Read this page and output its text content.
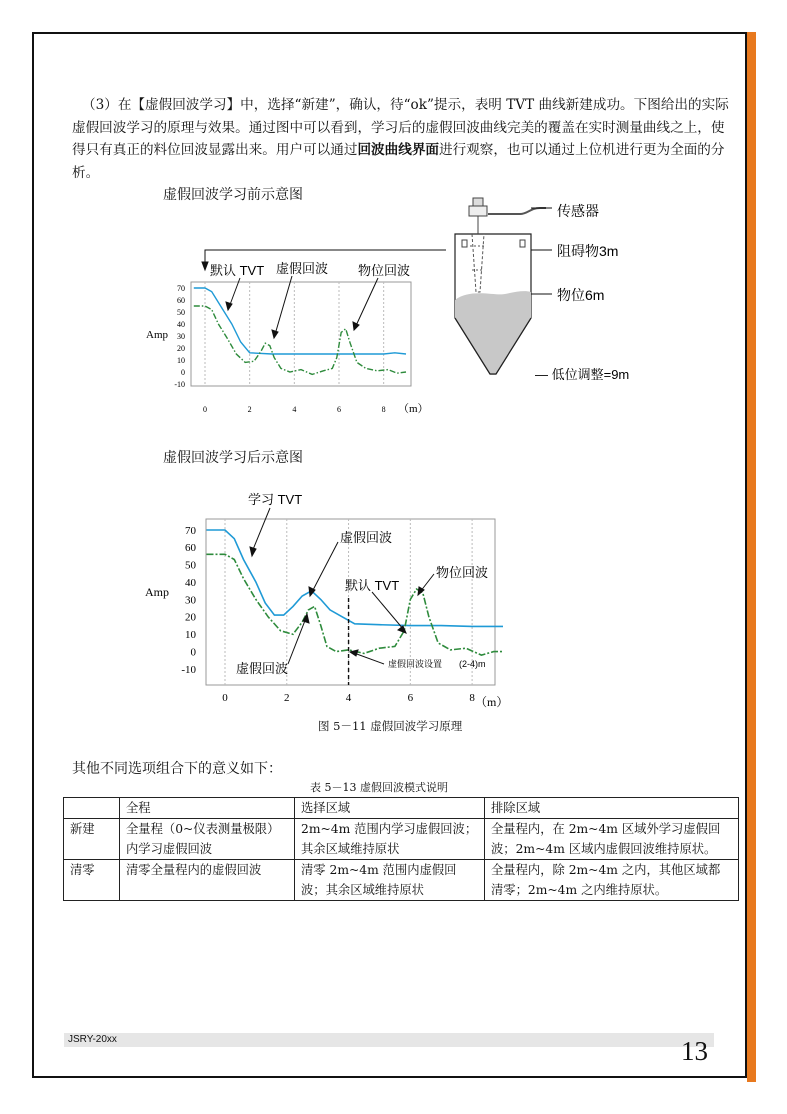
（3）在【虚假回波学习】中，选择“新建”，确认，待“ok”提示，表明 TVT 曲线新建成功。下图给出的实际虚假回波学习的原理与效果。通过图中可以看到，学习后的虚假回波曲线完美的覆盖在实时测量曲线之上，使得只有真正的料位回波显露出来。用户可以通过回波曲线界面进行观察，也可以通过上位机进行更为全面的分析。
虚假回波学习前示意图
70
60
50
40
30
20
10
0
-10
0	2	4	6	8
Amp
（m）
默认 TVT 虚假回波 物位回波
传感器
阻碍物3m
物位6m
— 低位调整=9m
虚假回波学习后示意图
70
60
50
40
30
20
10
0
-10
0	2	4	6	8
Amp
（m）
学习 TVT
虚假回波
默认 TVT
物位回波
虚假回波	虚假回波设置 (2-4)m
图 5－11 虚假回波学习原理
其他不同选项组合下的意义如下：
表 5－13 虚假回波模式说明
	全程	选择区域	排除区域
新建	全量程（0~仪表测量极限）内学习虚假回波	2m~4m 范围内学习虚假回波；其余区域维持原状	全量程内，在 2m~4m 区域外学习虚假回波；2m~4m 区域内虚假回波维持原状。
清零	清零全量程内的虚假回波	清零 2m~4m 范围内虚假回波；其余区域维持原状	全量程内，除 2m~4m 之内，其他区域都清零；2m~4m 之内维持原状。
JSRY-20xx	13
